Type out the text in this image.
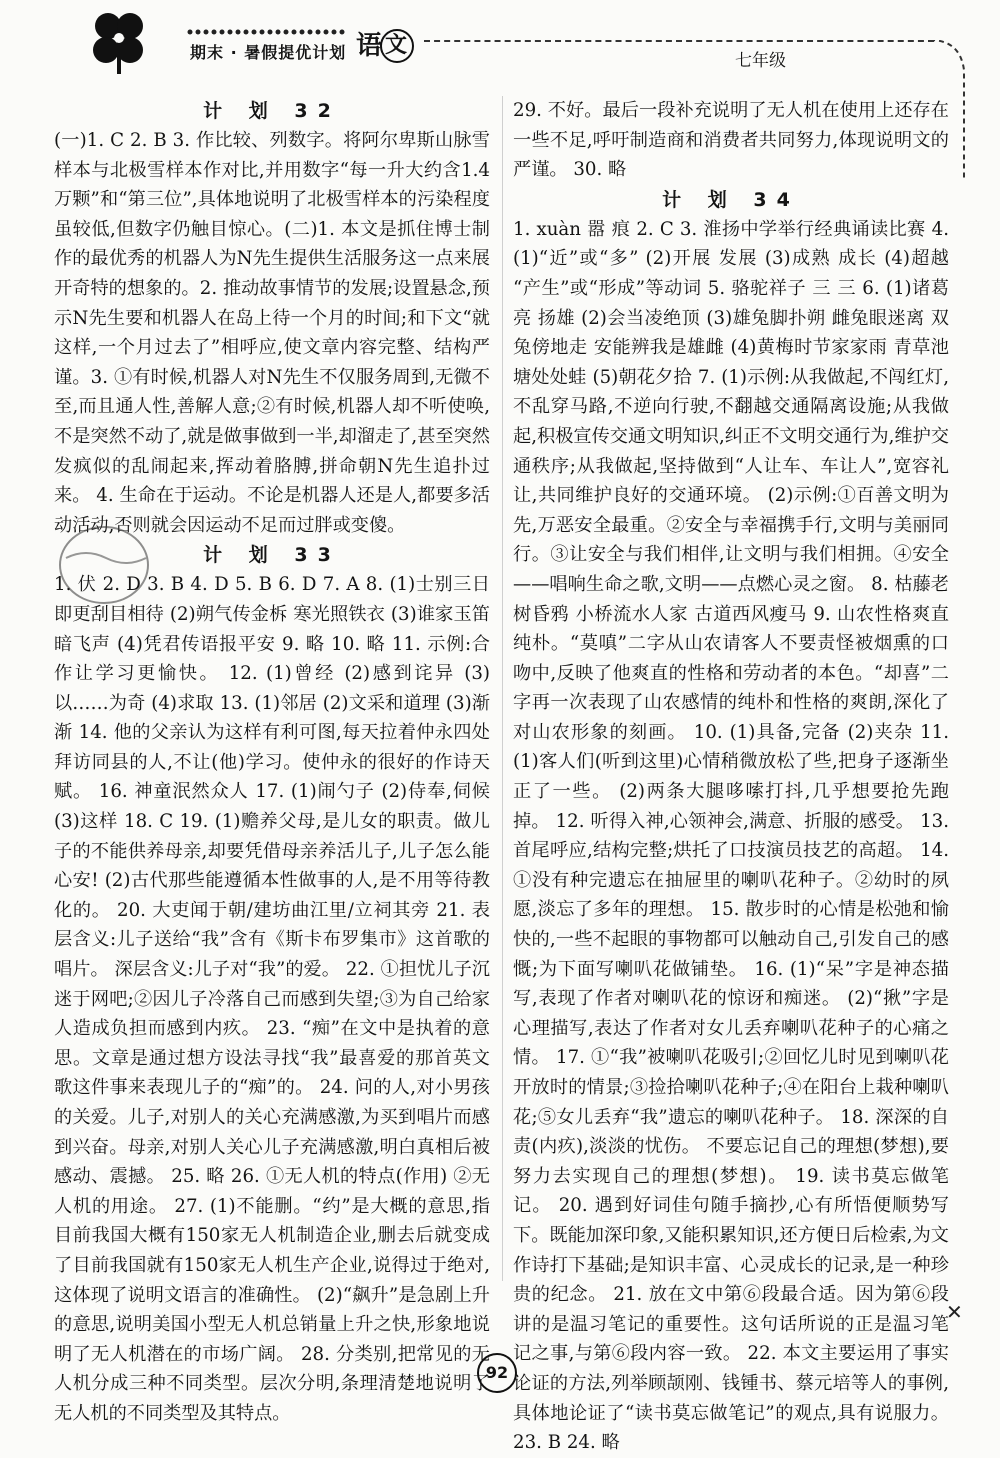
期末 · 暑假提优计划 语文
七年级
计 划 32

(一)1. C 2. B 3. 作比较、列数字。将阿尔卑斯山脉雪样本与北极雪样本作对比,并用数字“每一升大约含1.4万颗”和“第三位”,具体地说明了北极雪样本的污染程度虽较低,但数字仍触目惊心。(二)1. 本文是抓住博士制作的最优秀的机器人为N先生提供生活服务这一点来展开奇特的想象的。2. 推动故事情节的发展;设置悬念,预示N先生要和机器人在岛上待一个月的时间;和下文“就这样,一个月过去了”相呼应,使文章内容完整、结构严谨。3. ①有时候,机器人对N先生不仅服务周到,无微不至,而且通人性,善解人意;②有时候,机器人却不听使唤,不是突然不动了,就是做事做到一半,却溜走了,甚至突然发疯似的乱闹起来,挥动着胳膊,拼命朝N先生追扑过来。 4. 生命在于运动。不论是机器人还是人,都要多活动活动,否则就会因运动不足而过胖或变傻。

计 划 33

1. 伏 2. D 3. B 4. D 5. B 6. D 7. A 8. (1)士别三日 即更刮目相待 (2)朔气传金柝 寒光照铁衣 (3)谁家玉笛暗飞声 (4)凭君传语报平安 9. 略 10. 略 11. 示例:合作让学习更愉快。 12. (1)曾经 (2)感到诧异 (3)以……为奇 (4)求取 13. (1)邻居 (2)文采和道理 (3)渐渐 14. 他的父亲认为这样有利可图,每天拉着仲永四处拜访同县的人,不让(他)学习。使仲永的很好的作诗天赋。 16. 神童泯然众人 17. (1)闹勺子 (2)侍奉,伺候 (3)这样 18. C 19. (1)赡养父母,是儿女的职责。做儿子的不能供养母亲,却要凭借母亲养活儿子,儿子怎么能心安! (2)古代那些能遵循本性做事的人,是不用等待教化的。 20. 大吏闻于朝/建坊曲江里/立祠其旁 21. 表层含义:儿子送给“我”含有《斯卡布罗集市》这首歌的唱片。 深层含义:儿子对“我”的爱。 22. ①担忧儿子沉迷于网吧;②因儿子冷落自己而感到失望;③为自己给家人造成负担而感到内疚。 23. “痴”在文中是执着的意思。文章是通过想方设法寻找“我”最喜爱的那首英文歌这件事来表现儿子的“痴”的。 24. 问的人,对小男孩的关爱。儿子,对别人的关心充满感激,为买到唱片而感到兴奋。母亲,对别人关心儿子充满感激,明白真相后被感动、震撼。 25. 略 26. ①无人机的特点(作用) ②无人机的用途。 27. (1)不能删。“约”是大概的意思,指目前我国大概有150家无人机制造企业,删去后就变成了目前我国就有150家无人机生产企业,说得过于绝对,这体现了说明文语言的准确性。 (2)“飙升”是急剧上升的意思,说明美国小型无人机总销量上升之快,形象地说明了无人机潜在的市场广阔。 28. 分类别,把常见的无人机分成三种不同类型。层次分明,条理清楚地说明了无人机的不同类型及其特点。

29. 不好。最后一段补充说明了无人机在使用上还存在一些不足,呼吁制造商和消费者共同努力,体现说明文的严谨。 30. 略

计 划 34

1. xuàn 嚣 痕 2. C 3. 淮扬中学举行经典诵读比赛 4. (1)“近”或“多” (2)开展 发展 (3)成熟 成长 (4)超越 “产生”或“形成”等动词 5. 骆驼祥子 三 三 6. (1)诸葛亮 扬雄 (2)会当凌绝顶 (3)雄兔脚扑朔 雌兔眼迷离 双兔傍地走 安能辨我是雄雌 (4)黄梅时节家家雨 青草池塘处处蛙 (5)朝花夕拾 7. (1)示例:从我做起,不闯红灯,不乱穿马路,不逆向行驶,不翻越交通隔离设施;从我做起,积极宣传交通文明知识,纠正不文明交通行为,维护交通秩序;从我做起,坚持做到“人让车、车让人”,宽容礼让,共同维护良好的交通环境。 (2)示例:①百善文明为先,万恶安全最重。②安全与幸福携手行,文明与美丽同行。③让安全与我们相伴,让文明与我们相拥。④安全——唱响生命之歌,文明——点燃心灵之窗。 8. 枯藤老树昏鸦 小桥流水人家 古道西风瘦马 9. 山农性格爽直纯朴。“莫嗔”二字从山农请客人不要责怪被烟熏的口吻中,反映了他爽直的性格和劳动者的本色。“却喜”二字再一次表现了山农感情的纯朴和性格的爽朗,深化了对山农形象的刻画。 10. (1)具备,完备 (2)夹杂 11. (1)客人们(听到这里)心情稍微放松了些,把身子逐渐坐正了一些。 (2)两条大腿哆嗦打抖,几乎想要抢先跑掉。 12. 听得入神,心领神会,满意、折服的感受。 13. 首尾呼应,结构完整;烘托了口技演员技艺的高超。 14. ①没有种完遗忘在抽屉里的喇叭花种子。②幼时的夙愿,淡忘了多年的理想。 15. 散步时的心情是松弛和愉快的,一些不起眼的事物都可以触动自己,引发自己的感慨;为下面写喇叭花做铺垫。 16. (1)“呆”字是神态描写,表现了作者对喇叭花的惊讶和痴迷。 (2)“揪”字是心理描写,表达了作者对女儿丢弃喇叭花种子的心痛之情。 17. ①“我”被喇叭花吸引;②回忆儿时见到喇叭花开放时的情景;③捡拾喇叭花种子;④在阳台上栽种喇叭花;⑤女儿丢弃“我”遗忘的喇叭花种子。 18. 深深的自责(内疚),淡淡的忧伤。 不要忘记自己的理想(梦想),要努力去实现自己的理想(梦想)。 19. 读书莫忘做笔记。 20. 遇到好词佳句随手摘抄,心有所悟便顺势写下。既能加深印象,又能积累知识,还方便日后检索,为文作诗打下基础;是知识丰富、心灵成长的记录,是一种珍贵的纪念。 21. 放在文中第⑥段最合适。因为第⑥段讲的是温习笔记的重要性。这句话所说的正是温习笔记之事,与第⑥段内容一致。 22. 本文主要运用了事实论证的方法,列举顾颉刚、钱锺书、蔡元培等人的事例,具体地论证了“读书莫忘做笔记”的观点,具有说服力。 23. B 24. 略

✕
92
